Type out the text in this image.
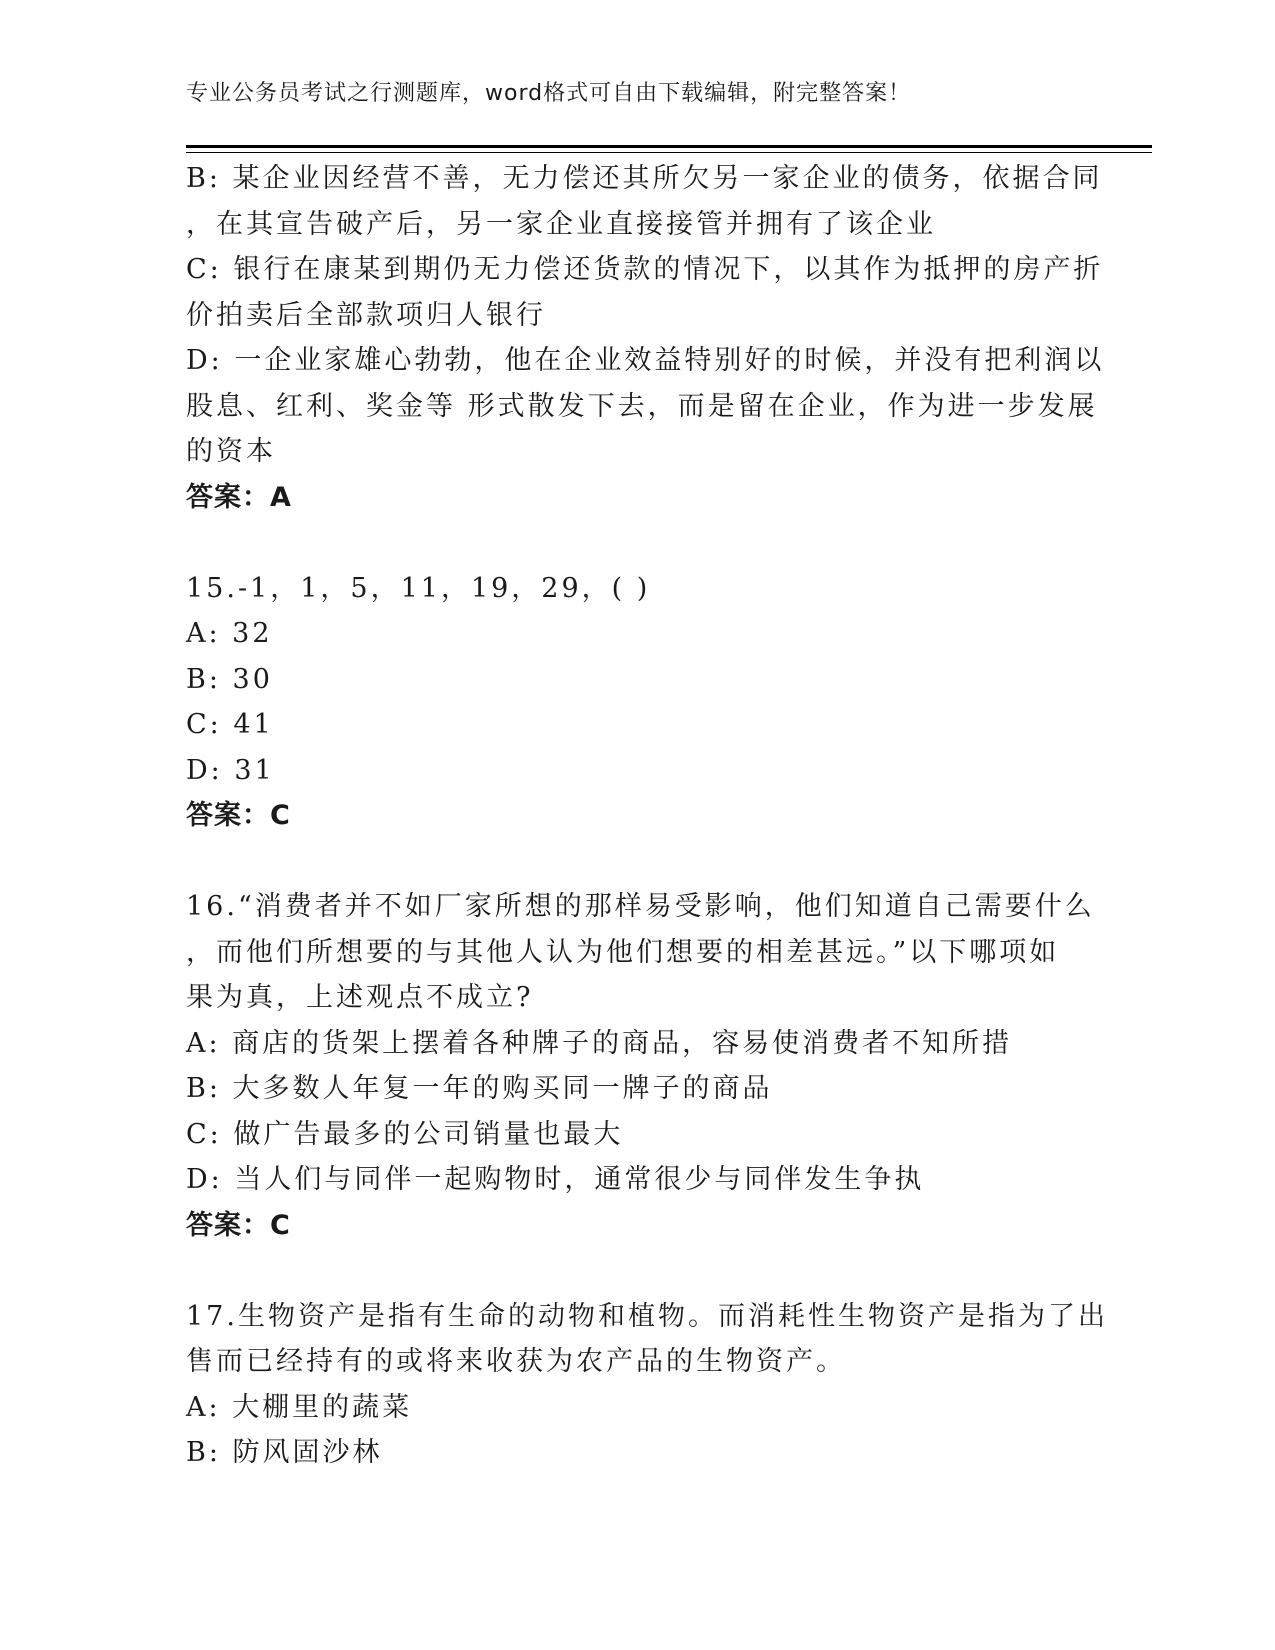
专业公务员考试之行测题库，word格式可自由下载编辑，附完整答案！
B: 某企业因经营不善，无力偿还其所欠另一家企业的债务，依据合同
，在其宣告破产后，另一家企业直接接管并拥有了该企业
C: 银行在康某到期仍无力偿还货款的情况下，以其作为抵押的房产折
价拍卖后全部款项归人银行
D: 一企业家雄心勃勃，他在企业效益特别好的时候，并没有把利润以
股息、红利、奖金等 形式散发下去，而是留在企业，作为进一步发展
的资本
答案：A
15.-1，1，5，11，19，29，( )
A: 32
B: 30
C: 41
D: 31
答案：C
16.“消费者并不如厂家所想的那样易受影响，他们知道自己需要什么
，而他们所想要的与其他人认为他们想要的相差甚远。”以下哪项如
果为真，上述观点不成立?
A: 商店的货架上摆着各种牌子的商品，容易使消费者不知所措
B: 大多数人年复一年的购买同一牌子的商品
C: 做广告最多的公司销量也最大
D: 当人们与同伴一起购物时，通常很少与同伴发生争执
答案：C
17.生物资产是指有生命的动物和植物。而消耗性生物资产是指为了出
售而已经持有的或将来收获为农产品的生物资产。
A: 大棚里的蔬菜
B: 防风固沙林
